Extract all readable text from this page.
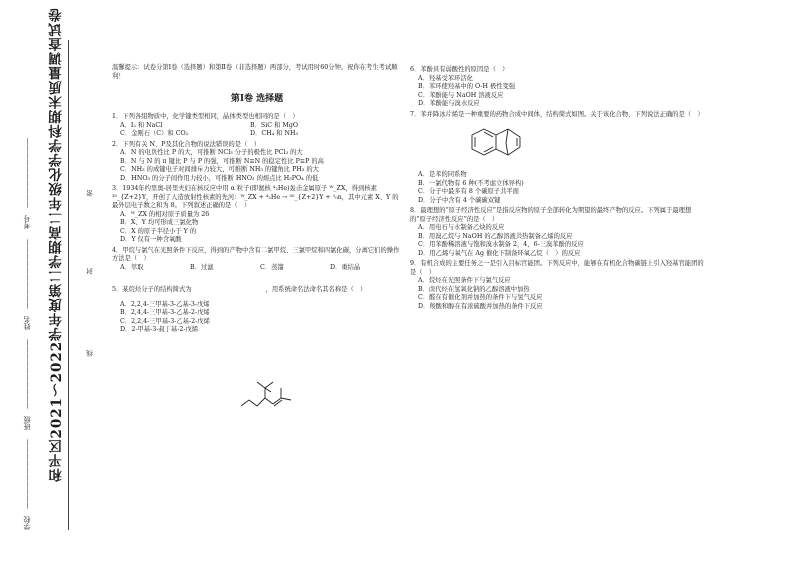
和平区2021～2022学年度第二学期高二年级化学学科期末质量调查试卷
学校　——————————　 班级　——————————　 姓名　——————————　 考号　——————————	密
封
线
温馨提示：试卷分第Ⅰ卷（选择题）和第Ⅱ卷（非选择题）两部分，考试用时60分钟。祝你在考生考试顺利！
第Ⅰ卷 选择题
1．下列各组物质中，化学键类型相同，晶体类型也相同的是（　）
A．I₂ 和 NaCl	B．SiC 和 MgO
C．金刚石（C）和 CO₂	D．CH₄ 和 NH₃
2．下列有关 N、P及其化合物的说法错误的是（　）
A．N 的电负性比 P 的大，可推断 NCl₃ 分子的极性比 PCl₃ 的大
B．N 与 N 的 π 键比 P 与 P 的强，可推断 N≡N 的稳定性比 P≡P 的高
C．NH₃ 的成键电子对间排斥力较大，可推断 NH₃ 的键角比 PH₃ 的大
D．HNO₃ 的分子间作用力较小，可推断 HNO₃ 的熔点比 H₃PO₄ 的低
3．1934年约里奥-居里夫妇在核反应中用 α 粒子(即氦核 ⁴₂He)轰击金属原子 ᵂ_ZX，得到核素 ³⁰_{Z+2}Y，开创了人造放射性核素的先河：ᵂ_ZX + ⁴₂He → ³⁰_{Z+2}Y + ¹₀n，其中元素 X、Y 的最外层电子数之和为 8。下列叙述正确的是（　）
A．ᵂ_ZX 的相对原子质量为 26
B．X、Y 均可形成三氯化物
C．X 的原子半径小于 Y 的
D．Y 仅有一种含氧酸
4．甲烷与氯气在光照条件下反应，得到的产物中含有二氯甲烷、三氯甲烷和四氯化碳，分离它们的操作方法是（　）
A．萃取	B．过滤	C．蒸馏	D．重结晶
5．某烷烃分子的结构简式为	，用系统命名法命名其名称是（　）
A．2,2,4-三甲基-3-乙基-3-戊烯
B．2,4,4-三甲基-3-乙基-2-戊烯
C．2,2,4-三甲基-3-乙基-2-戊烯
D．2-甲基-3-叔丁基-2-戊烯
6．苯酚具有弱酸性的原因是（　）
A．羟基受苯环活化
B．苯环使羟基中的 O-H 极性变强
C．苯酚能与 NaOH 溶液反应
D．苯酚能与溴水反应
7．苯并降冰片烯是一种重要的药物合成中间体，结构简式如图。关于该化合物，下列说法正确的是（　）
A．是苯的同系物
B．一氯代物有 6 种(不考虑立体异构)
C．分子中最多有 8 个碳原子共平面
D．分子中含有 4 个碳碳双键
8．最理想的“原子经济性反应”是指反应物的原子全部转化为期望的最终产物的反应。下列属于最理想的“原子经济性反应”的是（　）
A．用电石与水制备乙炔的反应
B．用溴乙烷与 NaOH 的乙醇溶液共热制备乙烯的反应
C．用苯酚稀溶液与饱和溴水制备 2，4，6-三溴苯酚的反应
D．用乙烯与氧气在 Ag 催化下制备环氧乙烷（　）的反应
9．有机合成的主要任务之一是引入目标官能团。下列反应中，能够在有机化合物碳链上引入羟基官能团的是（　）
A．烷烃在光照条件下与氯气反应
B．卤代烃在氢氧化钠的乙醇溶液中加热
C．醛在有催化剂并加热的条件下与氢气反应
D．羧酸和醇在有浓硫酸并加热的条件下反应
